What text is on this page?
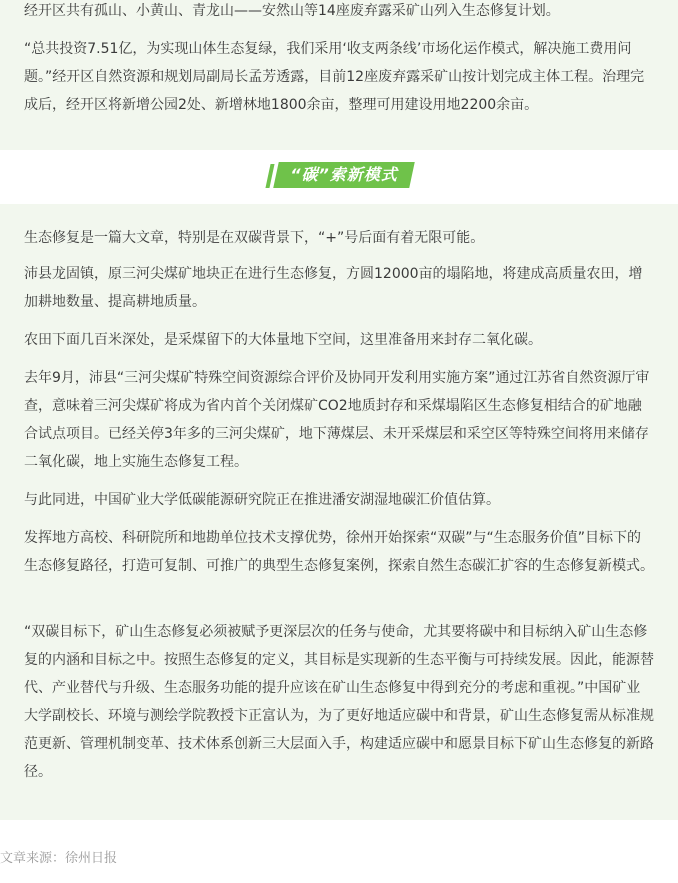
经开区共有孤山、小黄山、青龙山——安然山等14座废弃露采矿山列入生态修复计划。

“总共投资7.51亿，为实现山体生态复绿，我们采用‘收支两条线’市场化运作模式，解决施工费用问题。”经开区自然资源和规划局副局长孟芳透露，目前12座废弃露采矿山按计划完成主体工程。治理完成后，经开区将新增公园2处、新增林地1800余亩，整理可用建设用地2200余亩。

“碳”索新模式

生态修复是一篇大文章，特别是在双碳背景下，“+”号后面有着无限可能。

沛县龙固镇，原三河尖煤矿地块正在进行生态修复，方圆12000亩的塌陷地，将建成高质量农田，增加耕地数量、提高耕地质量。

农田下面几百米深处，是采煤留下的大体量地下空间，这里准备用来封存二氧化碳。

去年9月，沛县“三河尖煤矿特殊空间资源综合评价及协同开发利用实施方案”通过江苏省自然资源厅审查，意味着三河尖煤矿将成为省内首个关闭煤矿CO2地质封存和采煤塌陷区生态修复相结合的矿地融合试点项目。已经关停3年多的三河尖煤矿，地下薄煤层、未开采煤层和采空区等特殊空间将用来储存二氧化碳，地上实施生态修复工程。

与此同进，中国矿业大学低碳能源研究院正在推进潘安湖湿地碳汇价值估算。

发挥地方高校、科研院所和地勘单位技术支撑优势，徐州开始探索“双碳”与“生态服务价值”目标下的生态修复路径，打造可复制、可推广的典型生态修复案例，探索自然生态碳汇扩容的生态修复新模式。

“双碳目标下，矿山生态修复必须被赋予更深层次的任务与使命，尤其要将碳中和目标纳入矿山生态修复的内涵和目标之中。按照生态修复的定义，其目标是实现新的生态平衡与可持续发展。因此，能源替代、产业替代与升级、生态服务功能的提升应该在矿山生态修复中得到充分的考虑和重视。”中国矿业大学副校长、环境与测绘学院教授卞正富认为，为了更好地适应碳中和背景，矿山生态修复需从标准规范更新、管理机制变革、技术体系创新三大层面入手，构建适应碳中和愿景目标下矿山生态修复的新路径。

文章来源：徐州日报
